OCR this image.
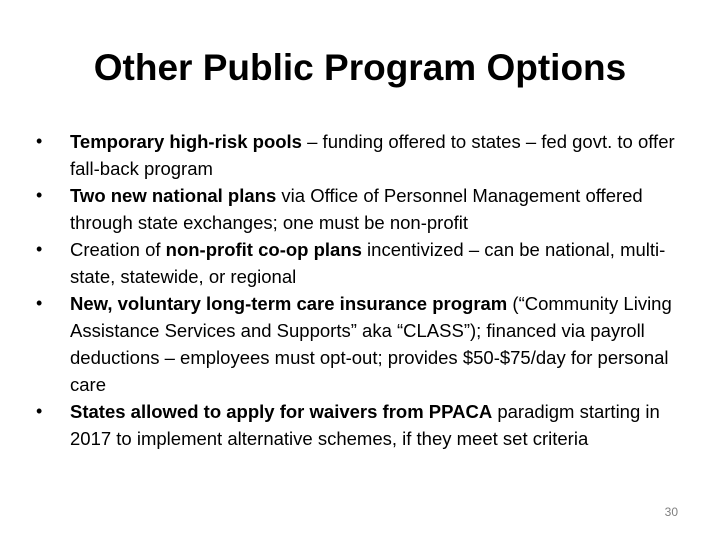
Other Public Program Options
• Temporary high-risk pools – funding offered to states – fed govt. to offer fall-back program
• Two new national plans via Office of Personnel Management offered through state exchanges; one must be non-profit
• Creation of non-profit co-op plans incentivized – can be national, multi-state, statewide, or regional
• New, voluntary long-term care insurance program (“Community Living Assistance Services and Supports” aka “CLASS”); financed via payroll deductions – employees must opt-out; provides $50-$75/day for personal care
• States allowed to apply for waivers from PPACA paradigm starting in 2017 to implement alternative schemes, if they meet set criteria
30
